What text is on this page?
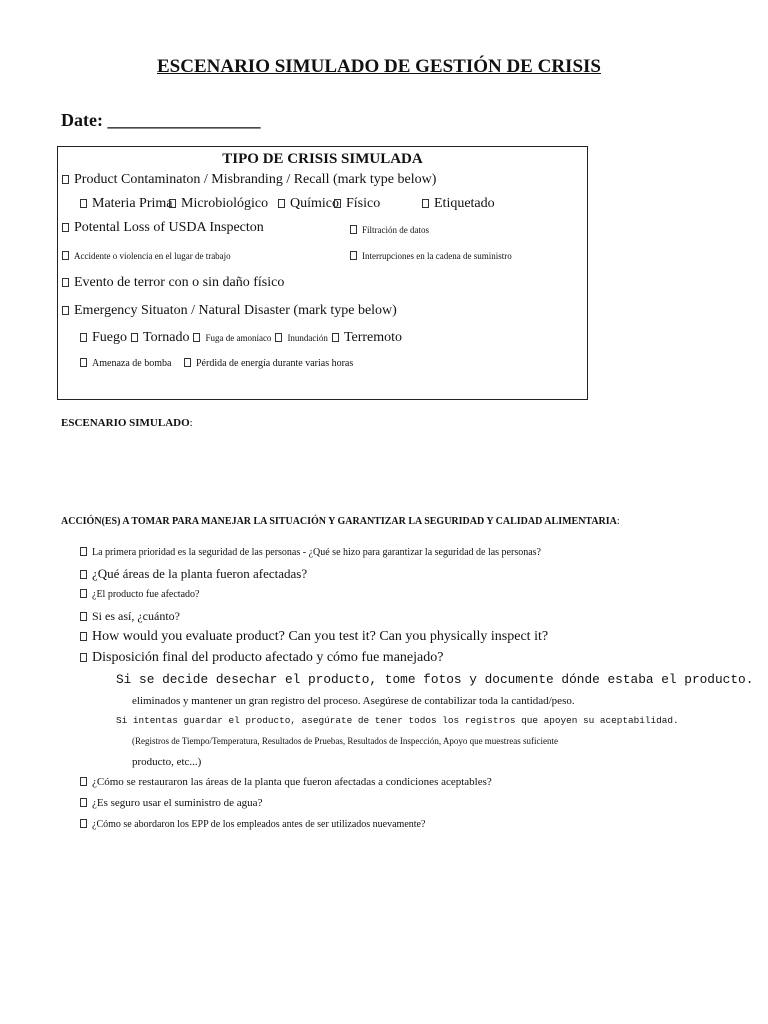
ESCENARIO SIMULADO DE GESTIÓN DE CRISIS
Date: _________________
TIPO DE CRISIS SIMULADA
Product Contaminaton / Misbranding / Recall (mark type below)
Materia Prima Microbiológico	Químico Físico	Etiquetado
Potental Loss of USDA Inspecton	Filtración de datos
Accidente o violencia en el lugar de trabajo	Interrupciones en la cadena de suministro
Evento de terror con o sin daño físico
Emergency Situaton / Natural Disaster (mark type below)
Fuego Tornado Fuga de amoníaco Inundación Terremoto
Amenaza de bomba	Pérdida de energía durante varias horas
ESCENARIO SIMULADO:
ACCIÓN(ES) A TOMAR PARA MANEJAR LA SITUACIÓN Y GARANTIZAR LA SEGURIDAD Y CALIDAD ALIMENTARIA:
La primera prioridad es la seguridad de las personas - ¿Qué se hizo para garantizar la seguridad de las personas?
¿Qué áreas de la planta fueron afectadas?
¿El producto fue afectado?
Si es así, ¿cuánto?
How would you evaluate product? Can you test it? Can you physically inspect it?
Disposición final del producto afectado y cómo fue manejado?
Si se decide desechar el producto, tome fotos y documente dónde estaba el producto.
eliminados y mantener un gran registro del proceso. Asegúrese de contabilizar toda la cantidad/peso.
Si intentas guardar el producto, asegúrate de tener todos los registros que apoyen su aceptabilidad.
(Registros de Tiempo/Temperatura, Resultados de Pruebas, Resultados de Inspección, Apoyo que muestreas suficiente
producto, etc...)
¿Cómo se restauraron las áreas de la planta que fueron afectadas a condiciones aceptables?
¿Es seguro usar el suministro de agua?
¿Cómo se abordaron los EPP de los empleados antes de ser utilizados nuevamente?
